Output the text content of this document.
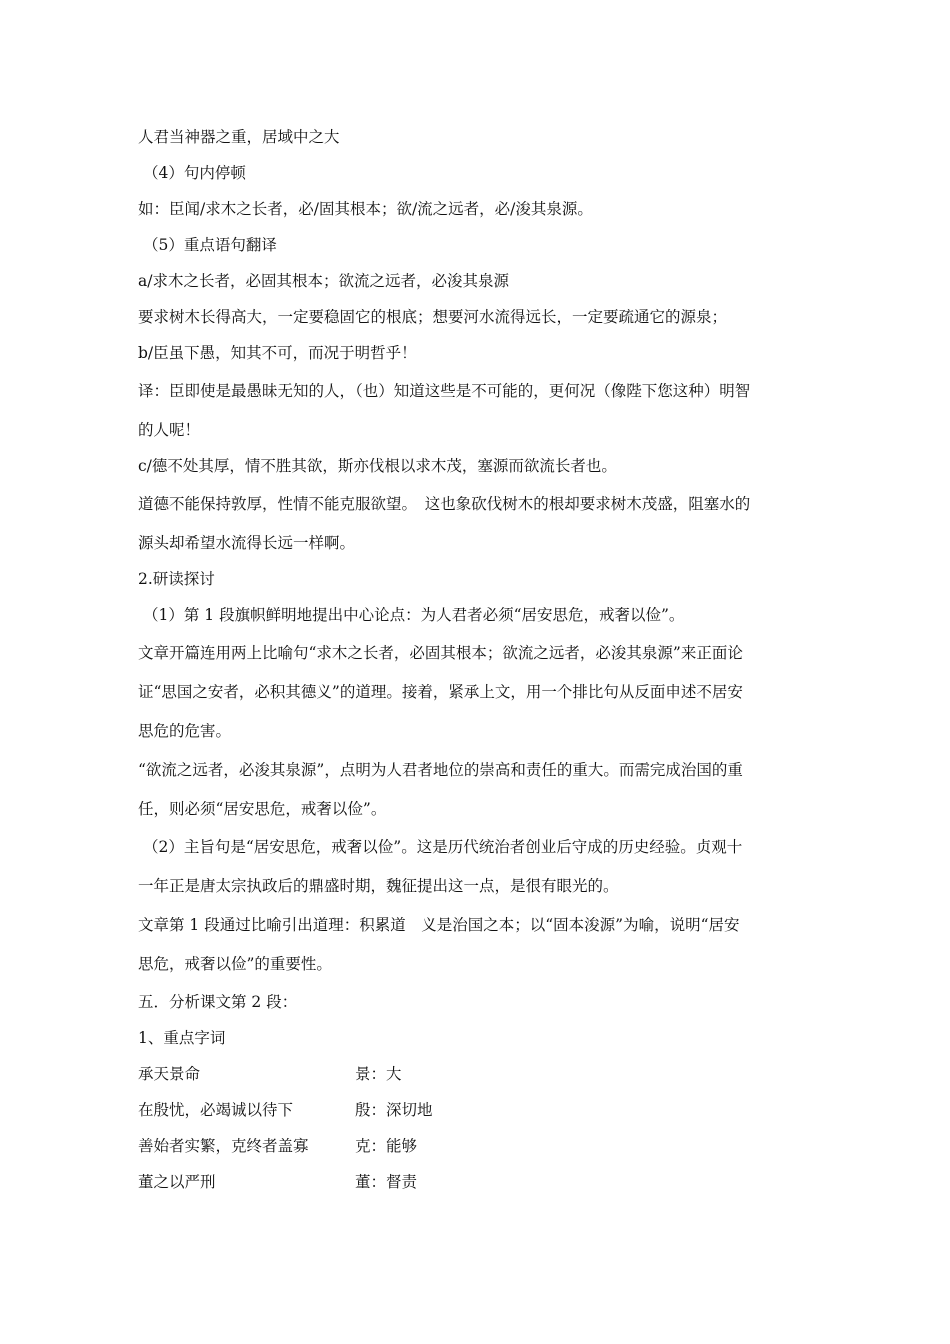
人君当神器之重，居域中之大
（4）句内停顿
如：臣闻/求木之长者，必/固其根本；欲/流之远者，必/浚其泉源。
（5）重点语句翻译
a/求木之长者，必固其根本；欲流之远者，必浚其泉源
要求树木长得高大，一定要稳固它的根底；想要河水流得远长，一定要疏通它的源泉；
b/臣虽下愚，知其不可，而况于明哲乎！
译：臣即使是最愚昧无知的人，（也）知道这些是不可能的，更何况（像陛下您这种）明智
的人呢！
c/德不处其厚，情不胜其欲，斯亦伐根以求木茂，塞源而欲流长者也。
道德不能保持敦厚，性情不能克服欲望。　这也象砍伐树木的根却要求树木茂盛，阻塞水的
源头却希望水流得长远一样啊。
2.研读探讨
（1）第 1 段旗帜鲜明地提出中心论点：为人君者必须“居安思危，戒奢以俭”。
文章开篇连用两上比喻句“求木之长者，必固其根本；欲流之远者，必浚其泉源”来正面论
证“思国之安者，必积其德义”的道理。接着，紧承上文，用一个排比句从反面申述不居安
思危的危害。
“欲流之远者，必浚其泉源”，点明为人君者地位的崇高和责任的重大。而需完成治国的重
任，则必须“居安思危，戒奢以俭”。
（2）主旨句是“居安思危，戒奢以俭”。这是历代统治者创业后守成的历史经验。贞观十
一年正是唐太宗执政后的鼎盛时期，魏征提出这一点，是很有眼光的。
文章第 1 段通过比喻引出道理：积累道　义是治国之本；以“固本浚源”为喻，说明“居安
思危，戒奢以俭”的重要性。
五．分析课文第 2 段：
1、重点字词
承天景命	景：大
在殷忧，必竭诚以待下	殷：深切地
善始者实繁，克终者盖寡	克：能够
董之以严刑	董：督责
